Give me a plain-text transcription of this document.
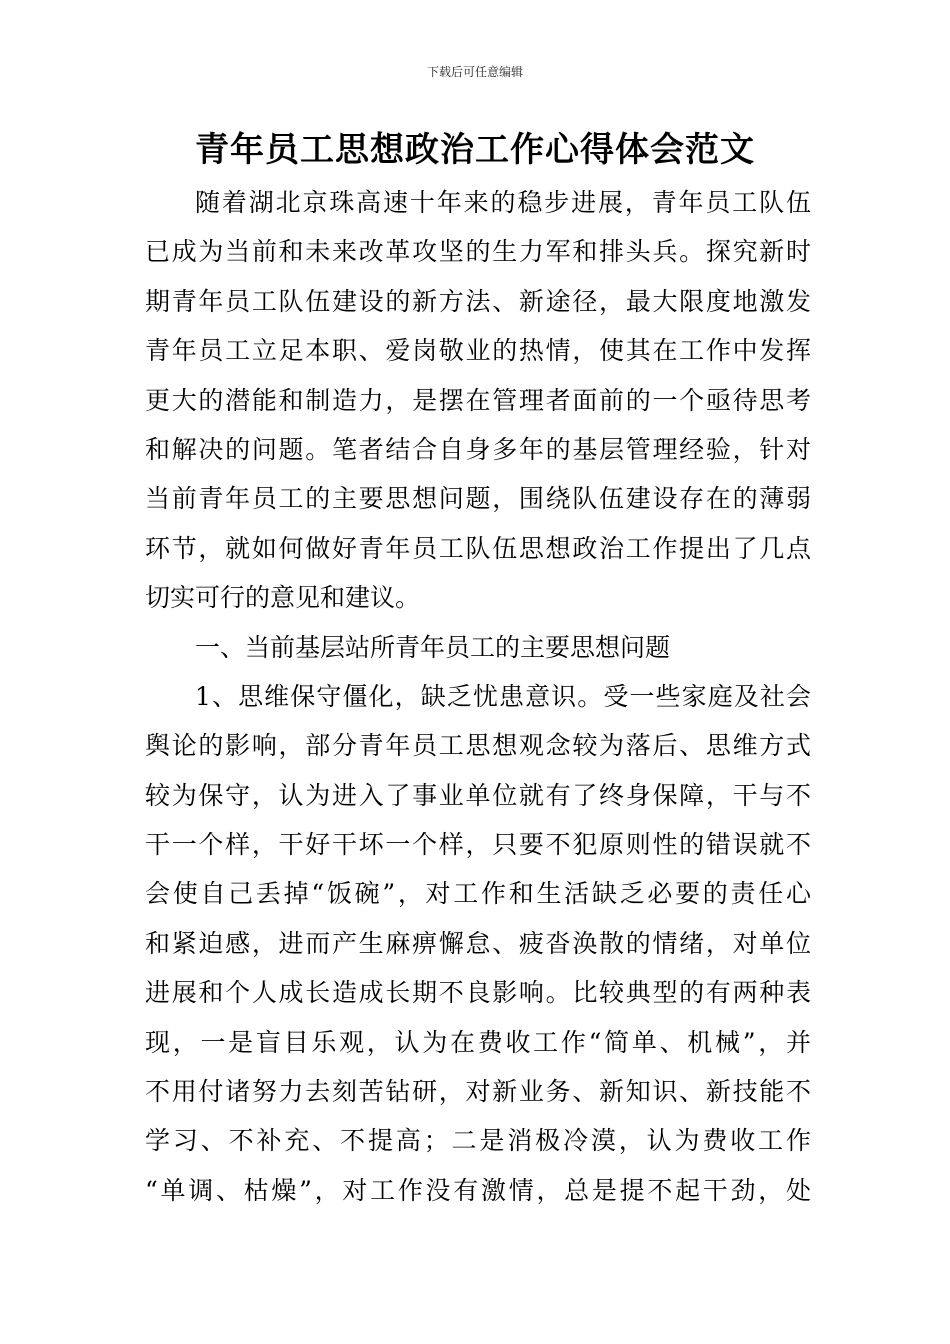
下载后可任意编辑
青年员工思想政治工作心得体会范文
随着湖北京珠高速十年来的稳步进展，青年员工队伍
已成为当前和未来改革攻坚的生力军和排头兵。探究新时
期青年员工队伍建设的新方法、新途径，最大限度地激发
青年员工立足本职、爱岗敬业的热情，使其在工作中发挥
更大的潜能和制造力，是摆在管理者面前的一个亟待思考
和解决的问题。笔者结合自身多年的基层管理经验，针对
当前青年员工的主要思想问题，围绕队伍建设存在的薄弱
环节，就如何做好青年员工队伍思想政治工作提出了几点
切实可行的意见和建议。
一、当前基层站所青年员工的主要思想问题
1、思维保守僵化，缺乏忧患意识。受一些家庭及社会
舆论的影响，部分青年员工思想观念较为落后、思维方式
较为保守，认为进入了事业单位就有了终身保障，干与不
干一个样，干好干坏一个样，只要不犯原则性的错误就不
会使自己丢掉“饭碗”，对工作和生活缺乏必要的责任心
和紧迫感，进而产生麻痹懈怠、疲沓涣散的情绪，对单位
进展和个人成长造成长期不良影响。比较典型的有两种表
现，一是盲目乐观，认为在费收工作“简单、机械”，并
不用付诸努力去刻苦钻研，对新业务、新知识、新技能不
学习、不补充、不提高；二是消极冷漠，认为费收工作
“单调、枯燥”，对工作没有激情，总是提不起干劲，处
